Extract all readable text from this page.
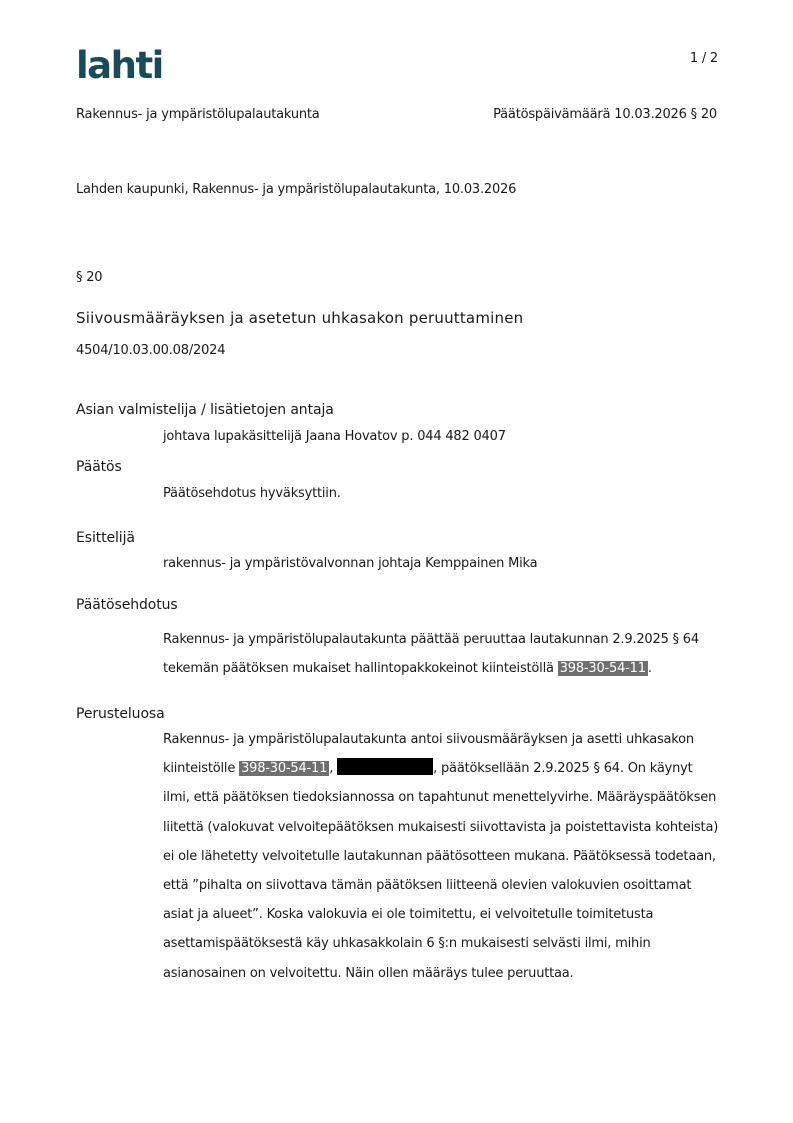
lahti	1 / 2
Rakennus- ja ympäristölupalautakunta	Päätöspäivämäärä 10.03.2026 § 20
Lahden kaupunki, Rakennus- ja ympäristölupalautakunta, 10.03.2026
§ 20
Siivousmääräyksen ja asetetun uhkasakon peruuttaminen
4504/10.03.00.08/2024
Asian valmistelija / lisätietojen antaja
johtava lupakäsittelijä Jaana Hovatov p. 044 482 0407
Päätös
Päätösehdotus hyväksyttiin.
Esittelijä
rakennus- ja ympäristövalvonnan johtaja Kemppainen Mika
Päätösehdotus
Rakennus- ja ympäristölupalautakunta päättää peruuttaa lautakunnan 2.9.2025 § 64
tekemän päätöksen mukaiset hallintopakkokeinot kiinteistöllä 398-30-54-11 .
Perusteluosa
Rakennus- ja ympäristölupalautakunta antoi siivousmääräyksen ja asetti uhkasakon
kiinteistölle 398-30-54-11 ,	, päätöksellään 2.9.2025 § 64. On käynyt
ilmi, että päätöksen tiedoksiannossa on tapahtunut menettelyvirhe. Määräyspäätöksen liitettä (valokuvat velvoitepäätöksen mukaisesti siivottavista ja poistettavista kohteista) ei ole lähetetty velvoitetulle lautakunnan päätösotteen mukana. Päätöksessä todetaan, että ”pihalta on siivottava tämän päätöksen liitteenä olevien valokuvien osoittamat asiat ja alueet”. Koska valokuvia ei ole toimitettu, ei velvoitetulle toimitetusta asettamispäätöksestä käy uhkasakkolain 6 §:n mukaisesti selvästi ilmi, mihin asianosainen on velvoitettu. Näin ollen määräys tulee peruuttaa.
